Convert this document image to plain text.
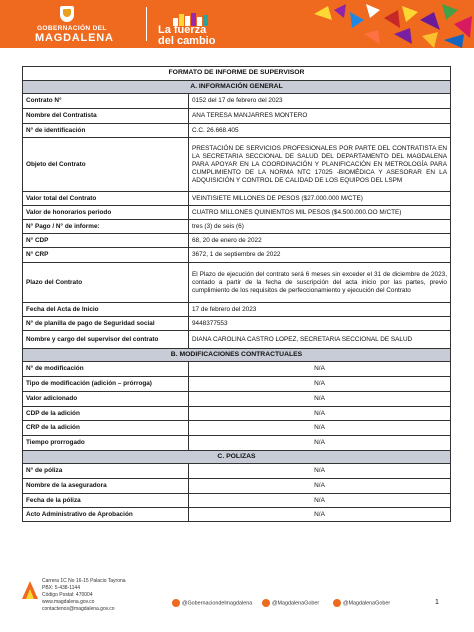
GOBERNACIÓN DEL
MAGDALENA
La fuerza
del cambio
FORMATO DE INFORME DE SUPERVISOR	
A. INFORMACIÓN GENERAL	
Contrato N°	0152 del 17 de febrero del 2023
Nombre del Contratista	ANA TERESA MANJARRES MONTERO
N° de identificación	C.C. 26.668.405
Objeto del Contrato	PRESTACIÓN DE SERVICIOS PROFESIONALES POR PARTE DEL CONTRATISTA EN LA SECRETARIA SECCIONAL DE SALUD DEL DEPARTAMENTO DEL MAGDALENA PARA APOYAR EN LA COORDINACIÓN Y PLANIFICACIÓN EN METROLOGÍA PARA CUMPLIMIENTO DE LA NORMA NTC 17025 -BIOMÉDICA Y ASESORAR EN LA ADQUISICIÓN Y CONTROL DE CALIDAD DE LOS EQUIPOS DEL LSPM
Valor total del Contrato	VEINTISIETE MILLONES DE PESOS ($27.000.000 M/CTE)
Valor de honorarios periodo	CUATRO MILLONES QUINIENTOS MIL PESOS ($4.500.000.OO M/CTE)
N° Pago / N° de informe:	tres (3) de seis (6)
N° CDP	68, 20 de enero de 2022
N° CRP	3672, 1 de septiembre de 2022
Plazo del Contrato	El Plazo de ejecución del contrato será 6 meses sin exceder el 31 de diciembre de 2023, contado a partir de la fecha de suscripción del acta inicio por las partes, previo cumplimiento de los requisitos de perfeccionamiento y ejecución del Contrato
Fecha del Acta de Inicio	17 de febrero del 2023
N° de planilla de pago de Seguridad social	9448377553
Nombre y cargo del supervisor del contrato	DIANA CAROLINA CASTRO LOPEZ, SECRETARIA SECCIONAL DE SALUD
B. MODIFICACIONES CONTRACTUALES	
N° de modificación	N/A
Tipo de modificación (adición – prórroga)	N/A
Valor adicionado	N/A
CDP de la adición	N/A
CRP de la adición	N/A
Tiempo prorrogado	N/A
C. POLIZAS	
N° de póliza	N/A
Nombre de la aseguradora	N/A
Fecha de la póliza	N/A
Acto Administrativo de Aprobación	N/A
Carrera 1C No 16-15 Palacio Tayrona
PBX: 5-438-1144
Código Postal: 470004
www.magdalena.gov.co
contactenos@magdalena.gov.co
@Gobernaciondelmagdalena	@MagdalenaGober	@MagdalenaGober	1
